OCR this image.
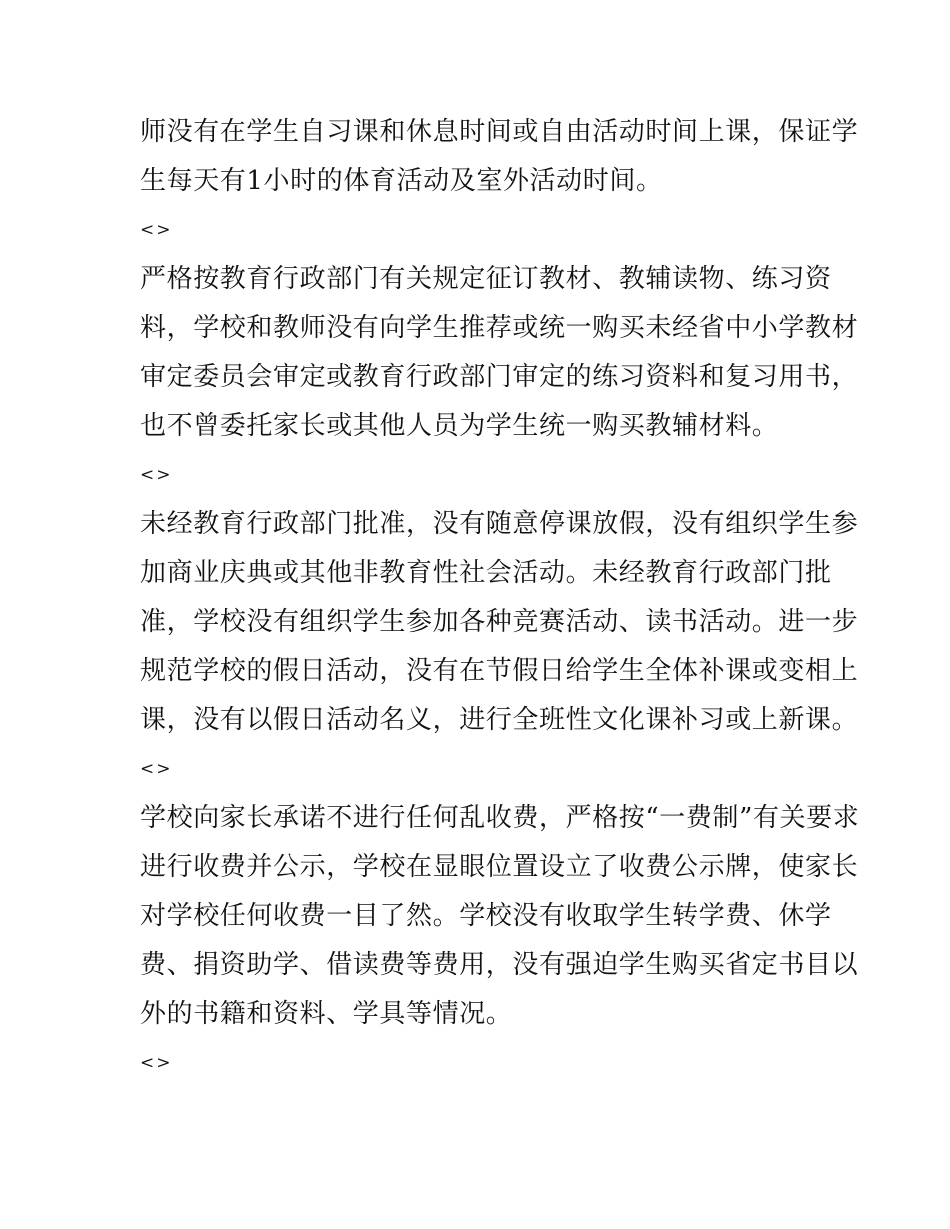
师没有在学生自习课和休息时间或自由活动时间上课，保证学
生每天有1小时的体育活动及室外活动时间。
<>
严格按教育行政部门有关规定征订教材、教辅读物、练习资
料，学校和教师没有向学生推荐或统一购买未经省中小学教材
审定委员会审定或教育行政部门审定的练习资料和复习用书，
也不曾委托家长或其他人员为学生统一购买教辅材料。
<>
未经教育行政部门批准，没有随意停课放假，没有组织学生参
加商业庆典或其他非教育性社会活动。未经教育行政部门批
准，学校没有组织学生参加各种竞赛活动、读书活动。进一步
规范学校的假日活动，没有在节假日给学生全体补课或变相上
课，没有以假日活动名义，进行全班性文化课补习或上新课。
<>
学校向家长承诺不进行任何乱收费，严格按“一费制”有关要求
进行收费并公示，学校在显眼位置设立了收费公示牌，使家长
对学校任何收费一目了然。学校没有收取学生转学费、休学
费、捐资助学、借读费等费用，没有强迫学生购买省定书目以
外的书籍和资料、学具等情况。
<>
